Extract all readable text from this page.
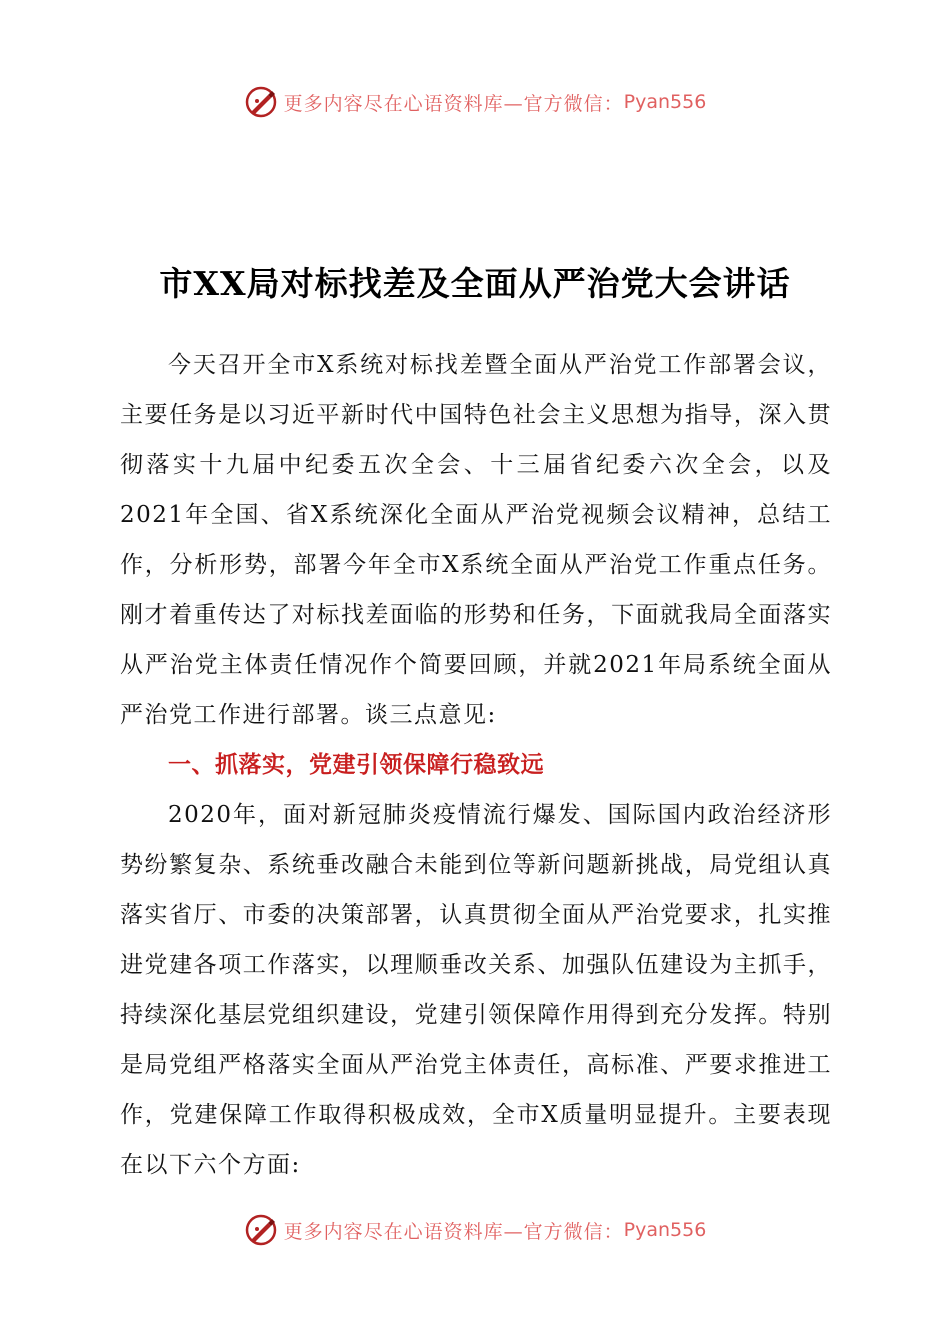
更多内容尽在心语资料库—官方微信： Pyan556
市XX局对标找差及全面从严治党大会讲话

今天召开全市X系统对标找差暨全面从严治党工作部署会议，主要任务是以习近平新时代中国特色社会主义思想为指导，深入贯彻落实十九届中纪委五次全会、十三届省纪委六次全会，以及2021年全国、省X系统深化全面从严治党视频会议精神，总结工作，分析形势，部署今年全市X系统全面从严治党工作重点任务。刚才着重传达了对标找差面临的形势和任务，下面就我局全面落实从严治党主体责任情况作个简要回顾，并就2021年局系统全面从严治党工作进行部署。谈三点意见:

一、抓落实，党建引领保障行稳致远

2020年，面对新冠肺炎疫情流行爆发、国际国内政治经济形势纷繁复杂、系统垂改融合未能到位等新问题新挑战，局党组认真落实省厅、市委的决策部署，认真贯彻全面从严治党要求，扎实推进党建各项工作落实，以理顺垂改关系、加强队伍建设为主抓手，持续深化基层党组织建设，党建引领保障作用得到充分发挥。特别是局党组严格落实全面从严治党主体责任，高标准、严要求推进工作，党建保障工作取得积极成效，全市X质量明显提升。主要表现在以下六个方面:

更多内容尽在心语资料库—官方微信： Pyan556
